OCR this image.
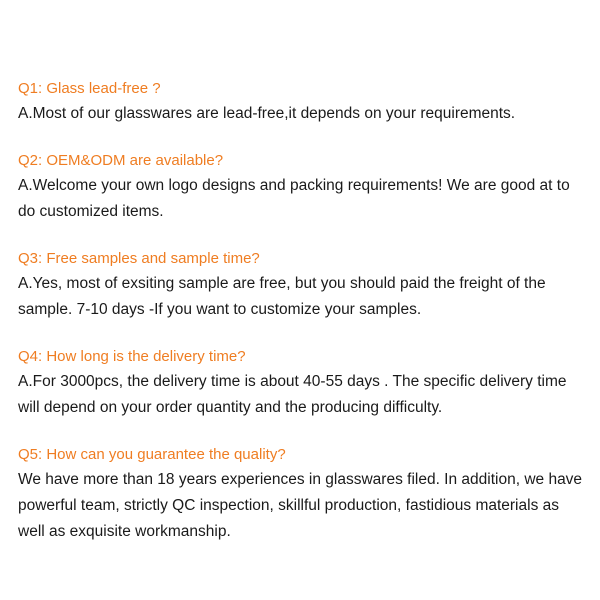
Q1: Glass lead-free ?

A.Most of our glasswares are lead-free,it depends on your requirements.

Q2: OEM&ODM are available?

A.Welcome your own logo designs and packing requirements! We are good at to do customized items.

Q3: Free samples and sample time?

A.Yes, most of exsiting sample are free, but you should paid the freight of the sample. 7-10 days -If you want to customize your samples.

Q4: How long is the delivery time?

A.For 3000pcs, the delivery time is about 40-55 days . The specific delivery time will depend on your order quantity and the producing difficulty.

Q5: How can you guarantee the quality?

We have more than 18 years experiences in glasswares filed. In addition, we have powerful team, strictly QC inspection, skillful production, fastidious materials as well as exquisite workmanship.
